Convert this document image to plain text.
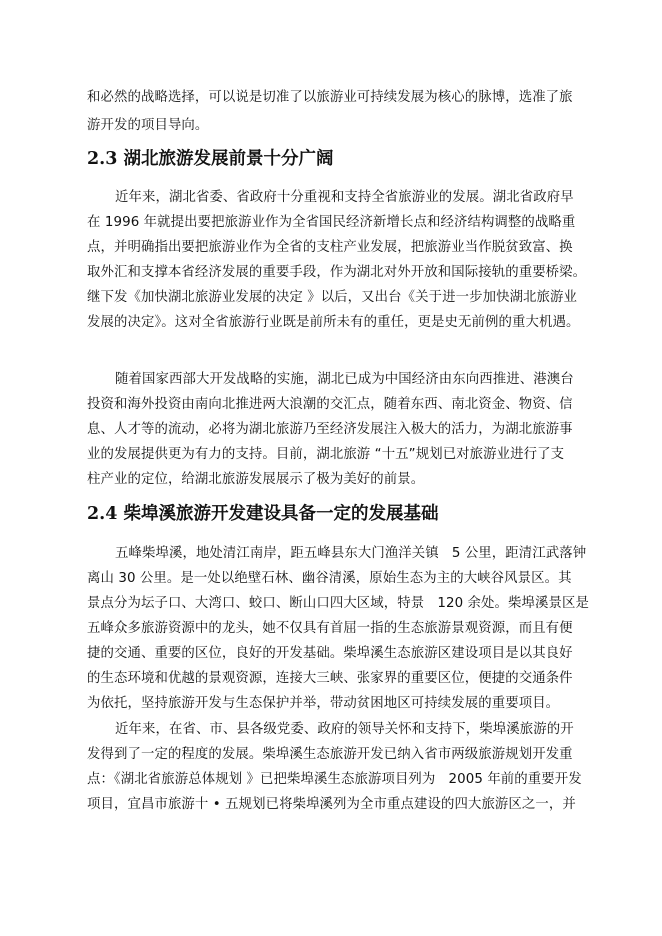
和必然的战略选择，可以说是切准了以旅游业可持续发展为核心的脉博，选准了旅
游开发的项目导向。
2.3 湖北旅游发展前景十分广阔
近年来，湖北省委、省政府十分重视和支持全省旅游业的发展。湖北省政府早
在 1996 年就提出要把旅游业作为全省国民经济新增长点和经济结构调整的战略重
点，并明确指出要把旅游业作为全省的支柱产业发展，把旅游业当作脱贫致富、换
取外汇和支撑本省经济发展的重要手段，作为湖北对外开放和国际接轨的重要桥梁。
继下发《加快湖北旅游业发展的决定 》以后，又出台《关于进一步加快湖北旅游业
发展的决定》。这对全省旅游行业既是前所未有的重任，更是史无前例的重大机遇。
随着国家西部大开发战略的实施，湖北已成为中国经济由东向西推进、港澳台
投资和海外投资由南向北推进两大浪潮的交汇点，随着东西、南北资金、物资、信
息、人才等的流动，必将为湖北旅游乃至经济发展注入极大的活力，为湖北旅游事
业的发展提供更为有力的支持。目前，湖北旅游 “十五”规划已对旅游业进行了支
柱产业的定位，给湖北旅游发展展示了极为美好的前景。
2.4 柴埠溪旅游开发建设具备一定的发展基础
五峰柴埠溪，地处清江南岸，距五峰县东大门渔洋关镇   5 公里，距清江武落钟
离山 30 公里。是一处以绝壁石林、幽谷清溪，原始生态为主的大峡谷风景区。其
景点分为坛子口、大湾口、蛟口、断山口四大区域，特景   120 余处。柴埠溪景区是
五峰众多旅游资源中的龙头，她不仅具有首屈一指的生态旅游景观资源，而且有便
捷的交通、重要的区位，良好的开发基础。柴埠溪生态旅游区建设项目是以其良好
的生态环境和优越的景观资源，连接大三峡、张家界的重要区位，便捷的交通条件
为依托，坚持旅游开发与生态保护并举，带动贫困地区可持续发展的重要项目。
近年来，在省、市、县各级党委、政府的领导关怀和支持下，柴埠溪旅游的开
发得到了一定的程度的发展。柴埠溪生态旅游开发已纳入省市两级旅游规划开发重
点：《湖北省旅游总体规划 》已把柴埠溪生态旅游项目列为   2005 年前的重要开发
项目，宜昌市旅游十 • 五规划已将柴埠溪列为全市重点建设的四大旅游区之一，并
